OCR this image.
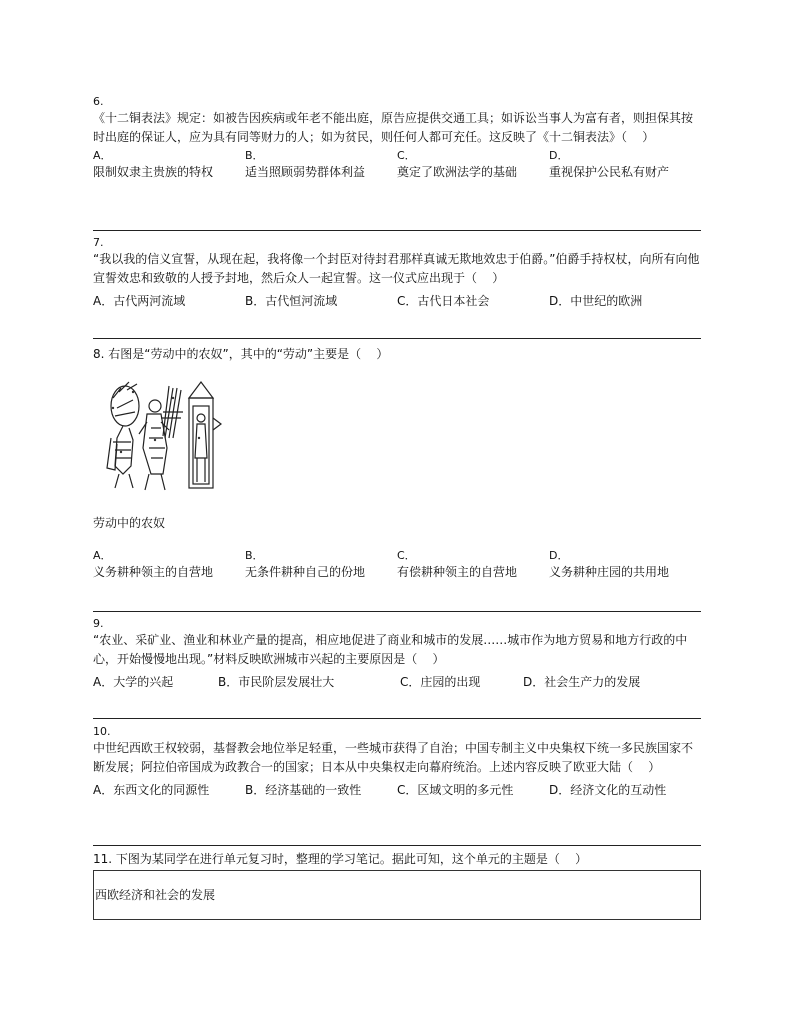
6.
《十二铜表法》规定：如被告因疾病或年老不能出庭，原告应提供交通工具；如诉讼当事人为富有者，则担保其按时出庭的保证人，应为具有同等财力的人；如为贫民，则任何人都可充任。这反映了《十二铜表法》（    ）
A．
限制奴隶主贵族的特权
B．
适当照顾弱势群体利益
C．
奠定了欧洲法学的基础
D．
重视保护公民私有财产
7.
“我以我的信义宣誓，从现在起，我将像一个封臣对待封君那样真诚无欺地效忠于伯爵。”伯爵手持权杖，向所有向他宣誓效忠和致敬的人授予封地，然后众人一起宣誓。这一仪式应出现于（    ）
A．古代两河流域	B．古代恒河流域	C．古代日本社会	D．中世纪的欧洲
8. 右图是“劳动中的农奴”，其中的“劳动”主要是（    ）
劳动中的农奴
A．
义务耕种领主的自营地
B．
无条件耕种自己的份地
C．
有偿耕种领主的自营地
D．
义务耕种庄园的共用地
9.
“农业、采矿业、渔业和林业产量的提高，相应地促进了商业和城市的发展……城市作为地方贸易和地方行政的中心，开始慢慢地出现。”材料反映欧洲城市兴起的主要原因是（    ）
A．大学的兴起	B．市民阶层发展壮大	C．庄园的出现	D．社会生产力的发展
10.
中世纪西欧王权较弱，基督教会地位举足轻重，一些城市获得了自治；中国专制主义中央集权下统一多民族国家不断发展；阿拉伯帝国成为政教合一的国家；日本从中央集权走向幕府统治。上述内容反映了欧亚大陆（    ）
A．东西文化的同源性	B．经济基础的一致性	C．区域文明的多元性	D．经济文化的互动性
11. 下图为某同学在进行单元复习时，整理的学习笔记。据此可知，这个单元的主题是（    ）
西欧经济和社会的发展
